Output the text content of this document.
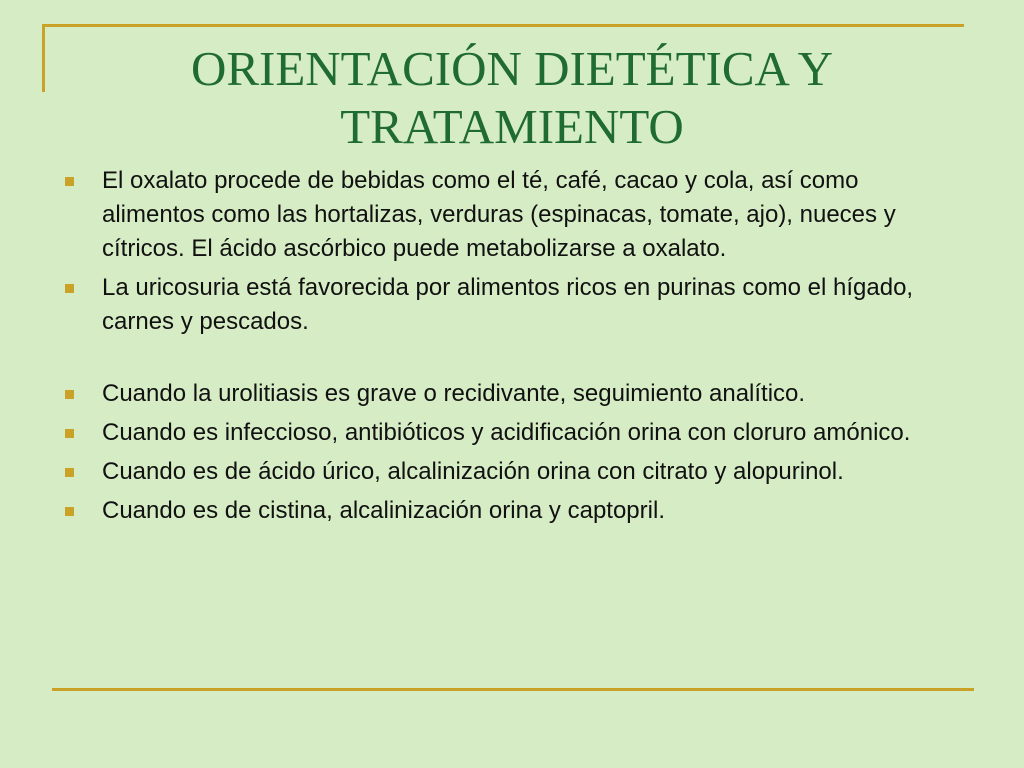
ORIENTACIÓN DIETÉTICA Y TRATAMIENTO
El oxalato procede de bebidas como el té, café, cacao y cola, así como alimentos como las hortalizas, verduras (espinacas, tomate, ajo), nueces y cítricos. El ácido ascórbico puede metabolizarse a oxalato.
La uricosuria está favorecida por alimentos ricos en purinas como el hígado, carnes y pescados.
Cuando la urolitiasis es grave o recidivante, seguimiento analítico.
Cuando es infeccioso, antibióticos y acidificación orina con cloruro amónico.
Cuando es de ácido úrico, alcalinización orina con citrato y alopurinol.
Cuando es de cistina, alcalinización orina y captopril.
